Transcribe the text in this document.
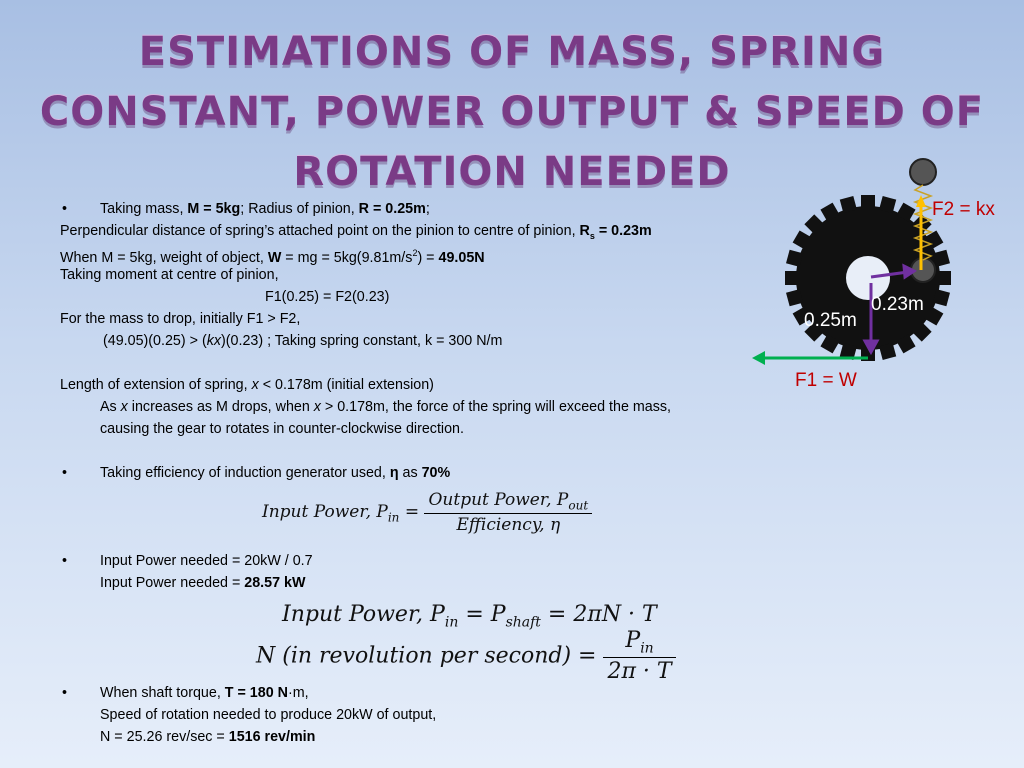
ESTIMATIONS OF MASS, SPRING
CONSTANT, POWER OUTPUT & SPEED OF
ROTATION NEEDED
• Taking mass, M = 5kg; Radius of pinion, R = 0.25m;
Perpendicular distance of spring’s attached point on the pinion to centre of pinion, $R_s = 0.23m$
When M = 5kg, weight of object, W = mg = $5kg(9.81m/s^2) = 49.05N$
Taking moment at centre of pinion,
F1(0.25) = F2(0.23)
For the mass to drop, initially F1 > F2,
(49.05)(0.25) > (kx)(0.23) ; Taking spring constant, k = 300 N/m
Length of extension of spring, x < 0.178m (initial extension)
As x increases as M drops, when x > 0.178m, the force of the spring will exceed the mass,
causing the gear to rotates in counter-clockwise direction.
• Taking efficiency of induction generator used, η as 70%
• Input Power needed = 20kW / 0.7
Input Power needed = 28.57 kW
• When shaft torque, T = 180 N·m,
Speed of rotation needed to produce 20kW of output,
N = 25.26 rev/sec = 1516 rev/min
Input Power, $P_{in} = \frac{Output Power, P_{out}}{\text{Efficiency, η}}$
Input Power, $P_{in} = P_{shaft} = 2\pi N \cdot T$
N (in revolution per second) = $\frac{P_{in}}{2\pi \cdot T}$
F2 = kx
0.23m
0.25m
F1 = W
